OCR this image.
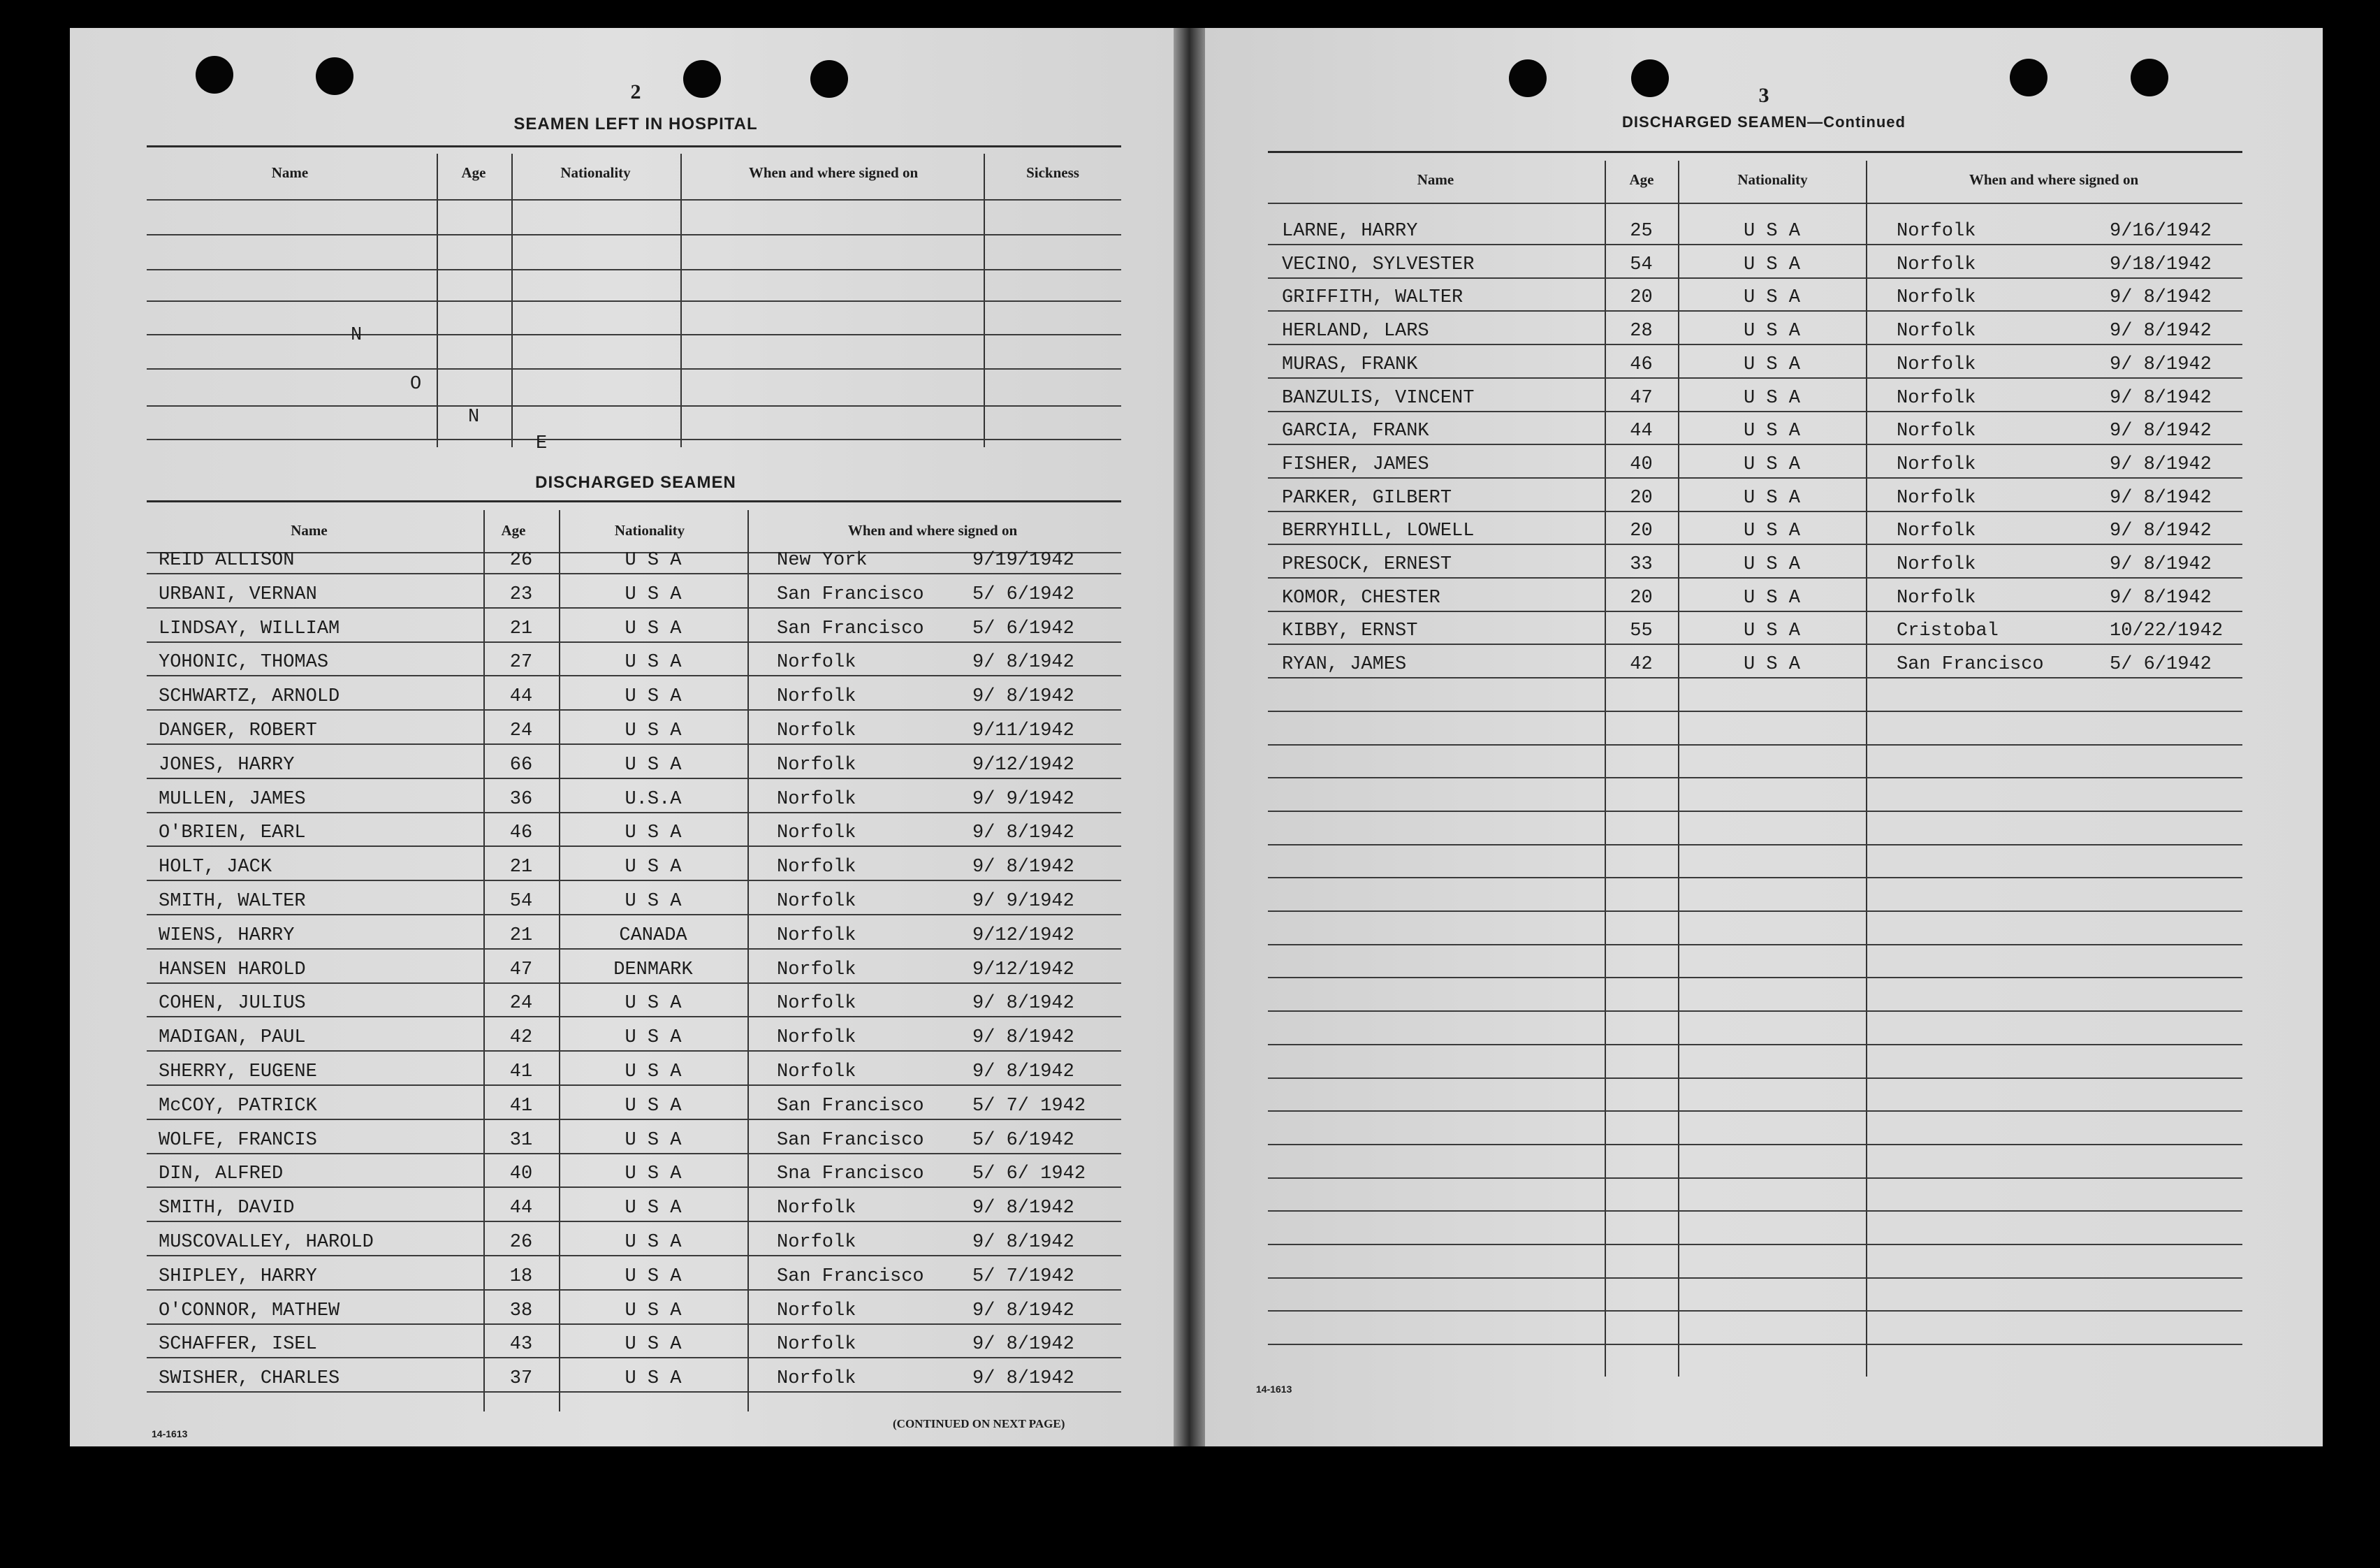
2
SEAMEN LEFT IN HOSPITAL
Name	Age	Nationality	When and where signed on	Sickness
N
O
N
E
DISCHARGED SEAMEN
Name	Age	Nationality	When and where signed on
REID ALLISON	26	U S A	New York	9/19/1942
URBANI, VERNAN	23	U S A	San Francisco	5/ 6/1942
LINDSAY, WILLIAM	21	U S A	San Francisco	5/ 6/1942
YOHONIC, THOMAS	27	U S A	Norfolk	9/ 8/1942
SCHWARTZ, ARNOLD	44	U S A	Norfolk	9/ 8/1942
DANGER, ROBERT	24	U S A	Norfolk	9/11/1942
JONES, HARRY	66	U S A	Norfolk	9/12/1942
MULLEN, JAMES	36	U.S.A	Norfolk	9/ 9/1942
O'BRIEN, EARL	46	U S A	Norfolk	9/ 8/1942
HOLT, JACK	21	U S A	Norfolk	9/ 8/1942
SMITH, WALTER	54	U S A	Norfolk	9/ 9/1942
WIENS, HARRY	21	CANADA	Norfolk	9/12/1942
HANSEN HAROLD	47	DENMARK	Norfolk	9/12/1942
COHEN, JULIUS	24	U S A	Norfolk	9/ 8/1942
MADIGAN, PAUL	42	U S A	Norfolk	9/ 8/1942
SHERRY, EUGENE	41	U S A	Norfolk	9/ 8/1942
McCOY, PATRICK	41	U S A	San Francisco	5/ 7/ 1942
WOLFE, FRANCIS	31	U S A	San Francisco	5/ 6/1942
DIN, ALFRED	40	U S A	Sna Francisco	5/ 6/ 1942
SMITH, DAVID	44	U S A	Norfolk	9/ 8/1942
MUSCOVALLEY, HAROLD	26	U S A	Norfolk	9/ 8/1942
SHIPLEY, HARRY	18	U S A	San Francisco	5/ 7/1942
O'CONNOR, MATHEW	38	U S A	Norfolk	9/ 8/1942
SCHAFFER, ISEL	43	U S A	Norfolk	9/ 8/1942
SWISHER, CHARLES	37	U S A	Norfolk	9/ 8/1942
14-1613
(CONTINUED ON NEXT PAGE)
3
DISCHARGED SEAMEN—Continued
Name	Age	Nationality	When and where signed on
LARNE, HARRY	25	U S A	Norfolk	9/16/1942
VECINO, SYLVESTER	54	U S A	Norfolk	9/18/1942
GRIFFITH, WALTER	20	U S A	Norfolk	9/ 8/1942
HERLAND, LARS	28	U S A	Norfolk	9/ 8/1942
MURAS, FRANK	46	U S A	Norfolk	9/ 8/1942
BANZULIS, VINCENT	47	U S A	Norfolk	9/ 8/1942
GARCIA, FRANK	44	U S A	Norfolk	9/ 8/1942
FISHER, JAMES	40	U S A	Norfolk	9/ 8/1942
PARKER, GILBERT	20	U S A	Norfolk	9/ 8/1942
BERRYHILL, LOWELL	20	U S A	Norfolk	9/ 8/1942
PRESOCK, ERNEST	33	U S A	Norfolk	9/ 8/1942
KOMOR, CHESTER	20	U S A	Norfolk	9/ 8/1942
KIBBY, ERNST	55	U S A	Cristobal	10/22/1942
RYAN, JAMES	42	U S A	San Francisco	5/ 6/1942
14-1613
